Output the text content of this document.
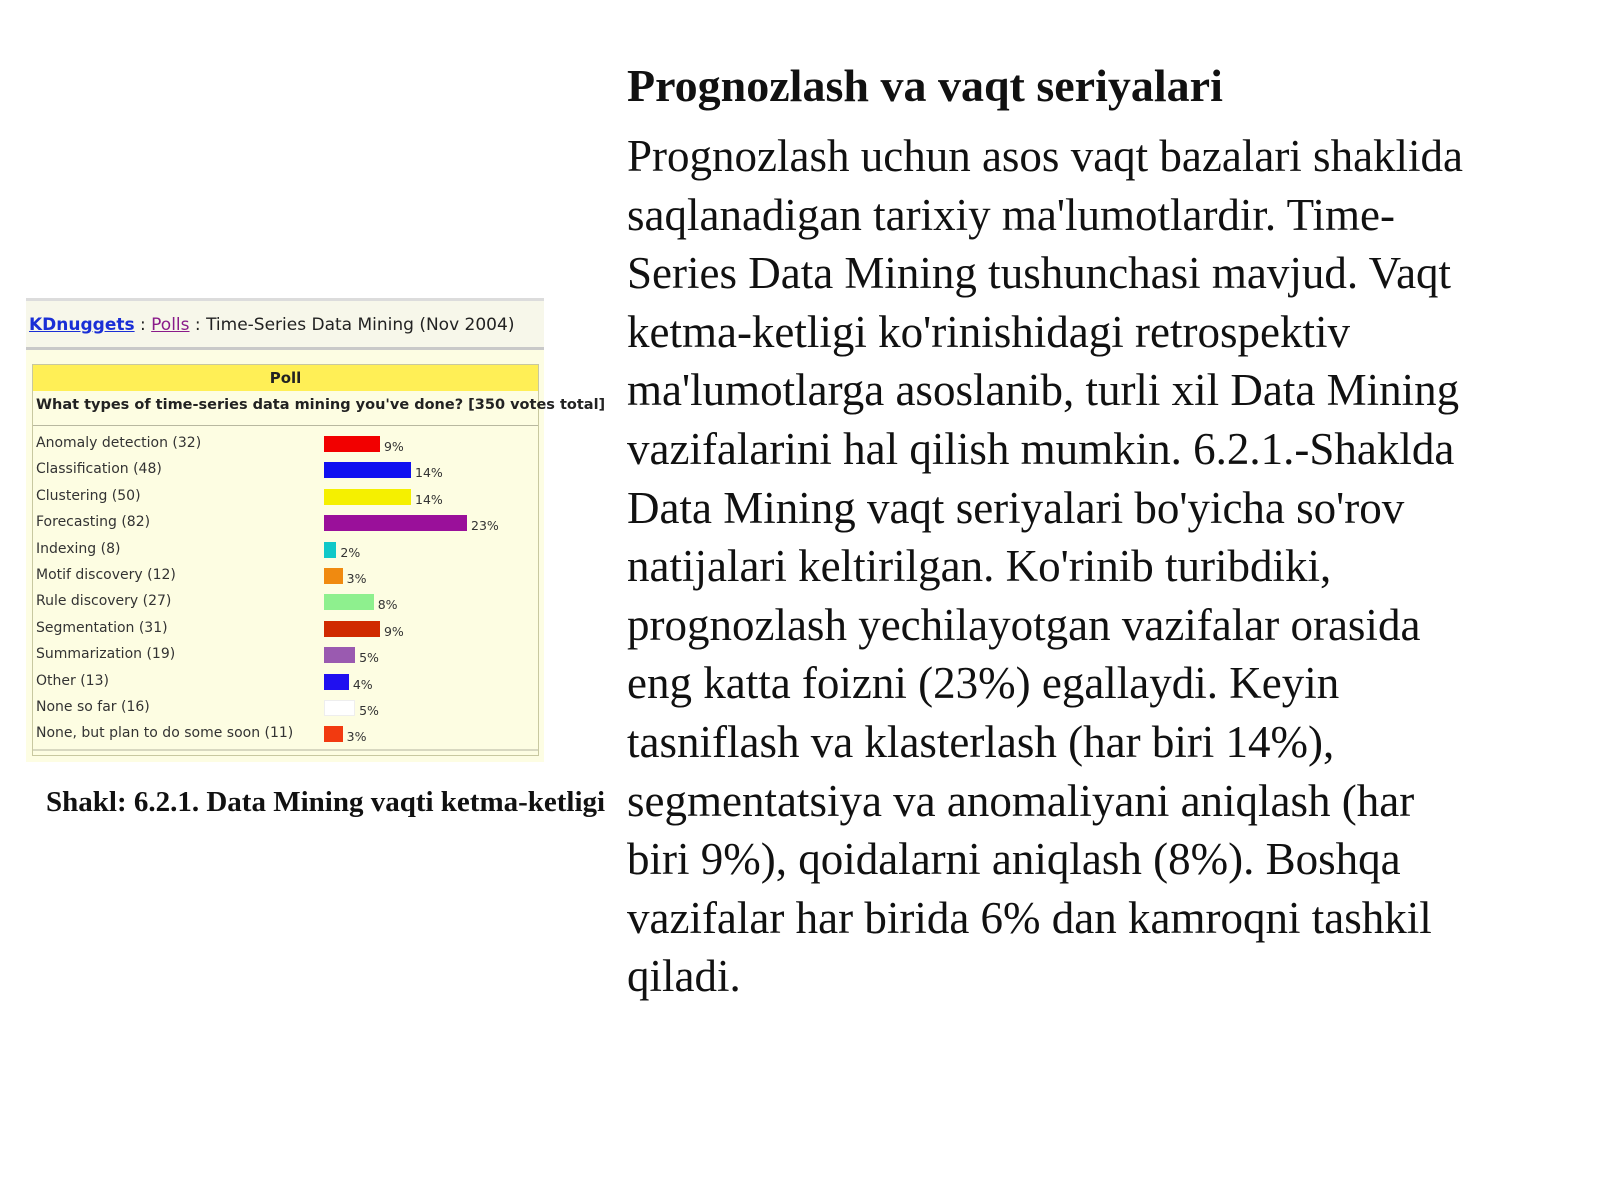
Prognozlash va vaqt seriyalari
Prognozlash uchun asos vaqt bazalari shaklida
saqlanadigan tarixiy ma'lumotlardir. Time-
Series Data Mining tushunchasi mavjud. Vaqt
ketma-ketligi ko'rinishidagi retrospektiv
ma'lumotlarga asoslanib, turli xil Data Mining
vazifalarini hal qilish mumkin. 6.2.1.-Shaklda
Data Mining vaqt seriyalari bo'yicha so'rov
natijalari keltirilgan. Ko'rinib turibdiki,
prognozlash yechilayotgan vazifalar orasida
eng katta foizni (23%) egallaydi. Keyin
tasniflash va klasterlash (har biri 14%),
segmentatsiya va anomaliyani aniqlash (har
biri 9%), qoidalarni aniqlash (8%). Boshqa
vazifalar har birida 6% dan kamroqni tashkil
qiladi.
KDnuggets : Polls : Time-Series Data Mining (Nov 2004)
Poll
What types of time-series data mining you've done? [350 votes total]
Anomaly detection (32)	9%
Classification (48)	14%
Clustering (50)	14%
Forecasting (82)	23%
Indexing (8)	2%
Motif discovery (12)	3%
Rule discovery (27)	8%
Segmentation (31)	9%
Summarization (19)	5%
Other (13)	4%
None so far (16)	5%
None, but plan to do some soon (11)	3%
Shakl: 6.2.1. Data Mining vaqti ketma-ketligi
